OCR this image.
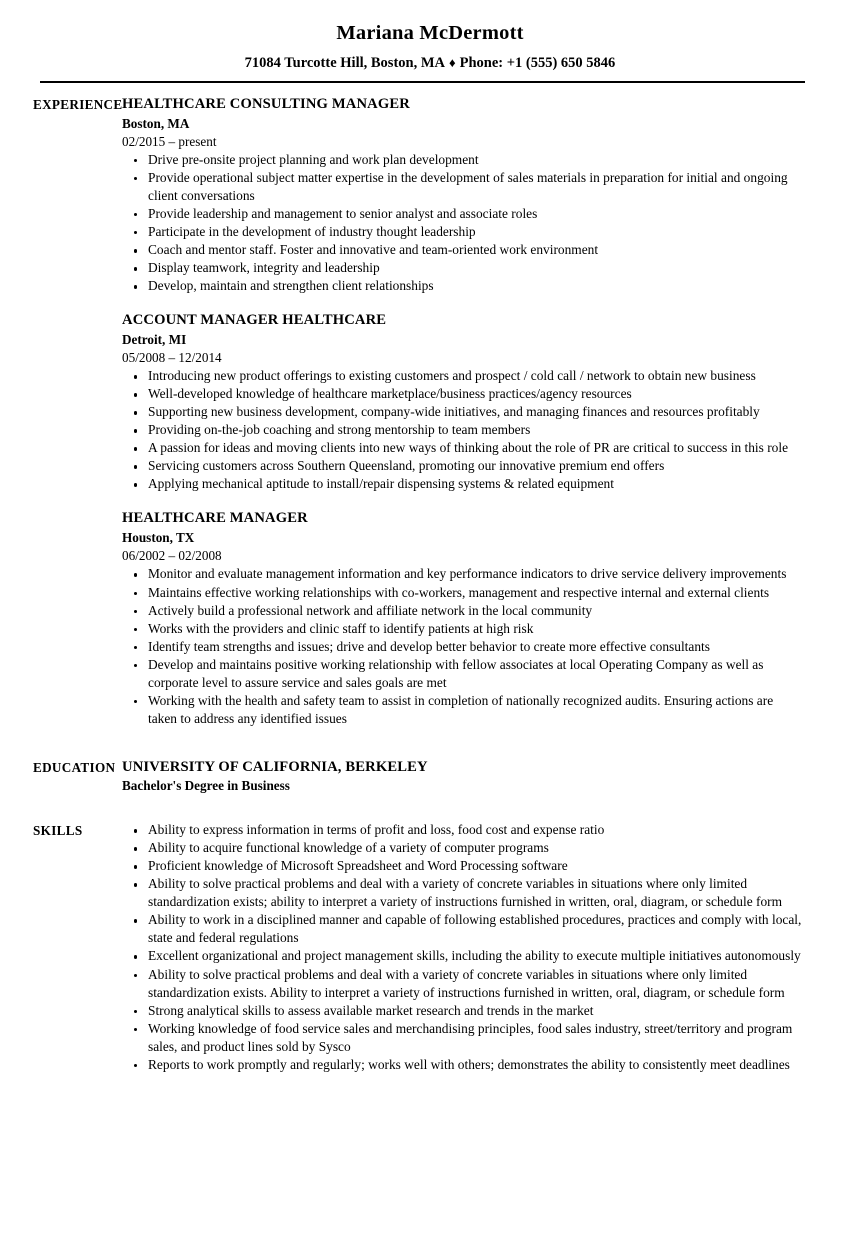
Mariana McDermott
71084 Turcotte Hill, Boston, MA ♦ Phone: +1 (555) 650 5846
EXPERIENCE HEALTHCARE CONSULTING MANAGER
Boston, MA
02/2015 – present
Drive pre-onsite project planning and work plan development
Provide operational subject matter expertise in the development of sales materials in preparation for initial and ongoing client conversations
Provide leadership and management to senior analyst and associate roles
Participate in the development of industry thought leadership
Coach and mentor staff. Foster and innovative and team-oriented work environment
Display teamwork, integrity and leadership
Develop, maintain and strengthen client relationships
ACCOUNT MANAGER HEALTHCARE
Detroit, MI
05/2008 – 12/2014
Introducing new product offerings to existing customers and prospect / cold call / network to obtain new business
Well-developed knowledge of healthcare marketplace/business practices/agency resources
Supporting new business development, company-wide initiatives, and managing finances and resources profitably
Providing on-the-job coaching and strong mentorship to team members
A passion for ideas and moving clients into new ways of thinking about the role of PR are critical to success in this role
Servicing customers across Southern Queensland, promoting our innovative premium end offers
Applying mechanical aptitude to install/repair dispensing systems & related equipment
HEALTHCARE MANAGER
Houston, TX
06/2002 – 02/2008
Monitor and evaluate management information and key performance indicators to drive service delivery improvements
Maintains effective working relationships with co-workers, management and respective internal and external clients
Actively build a professional network and affiliate network in the local community
Works with the providers and clinic staff to identify patients at high risk
Identify team strengths and issues; drive and develop better behavior to create more effective consultants
Develop and maintains positive working relationship with fellow associates at local Operating Company as well as corporate level to assure service and sales goals are met
Working with the health and safety team to assist in completion of nationally recognized audits. Ensuring actions are taken to address any identified issues
EDUCATION UNIVERSITY OF CALIFORNIA, BERKELEY
Bachelor's Degree in Business
SKILLS	Ability to express information in terms of profit and loss, food cost and expense ratio
Ability to acquire functional knowledge of a variety of computer programs
Proficient knowledge of Microsoft Spreadsheet and Word Processing software
Ability to solve practical problems and deal with a variety of concrete variables in situations where only limited standardization exists; ability to interpret a variety of instructions furnished in written, oral, diagram, or schedule form
Ability to work in a disciplined manner and capable of following established procedures, practices and comply with local, state and federal regulations
Excellent organizational and project management skills, including the ability to execute multiple initiatives autonomously
Ability to solve practical problems and deal with a variety of concrete variables in situations where only limited standardization exists. Ability to interpret a variety of instructions furnished in written, oral, diagram, or schedule form
Strong analytical skills to assess available market research and trends in the market
Working knowledge of food service sales and merchandising principles, food sales industry, street/territory and program sales, and product lines sold by Sysco
Reports to work promptly and regularly; works well with others; demonstrates the ability to consistently meet deadlines
